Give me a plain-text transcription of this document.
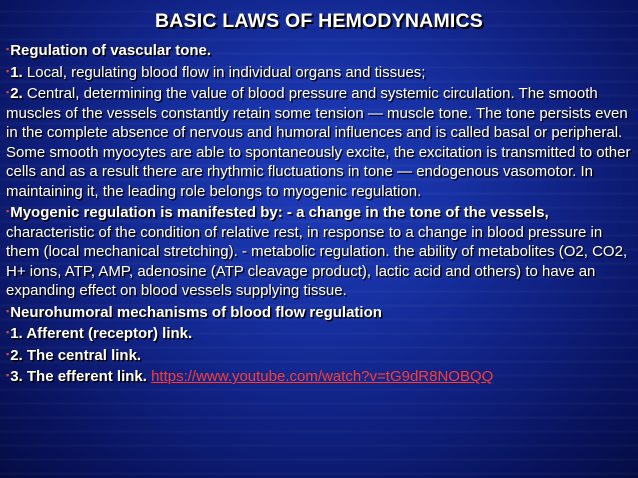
BASIC LAWS OF HEMODYNAMICS

▪Regulation of vascular tone.

▪1. Local, regulating blood flow in individual organs and tissues;

▪2. Central, determining the value of blood pressure and systemic circulation. The smooth muscles of the vessels constantly retain some tension — muscle tone. The tone persists even in the complete absence of nervous and humoral influences and is called basal or peripheral. Some smooth myocytes are able to spontaneously excite, the excitation is transmitted to other cells and as a result there are rhythmic fluctuations in tone — endogenous vasomotor. In maintaining it, the leading role belongs to myogenic regulation.

▪Myogenic regulation is manifested by: - a change in the tone of the vessels, characteristic of the condition of relative rest, in response to a change in blood pressure in them (local mechanical stretching). - metabolic regulation. the ability of metabolites (O2, CO2, H+ ions, ATP, AMP, adenosine (ATP cleavage product), lactic acid and others) to have an expanding effect on blood vessels supplying tissue.

▪Neurohumoral mechanisms of blood flow regulation

▪1. Afferent (receptor) link.

▪2. The central link.

▪3. The efferent link. https://www.youtube.com/watch?v=tG9dR8NOBQQ
